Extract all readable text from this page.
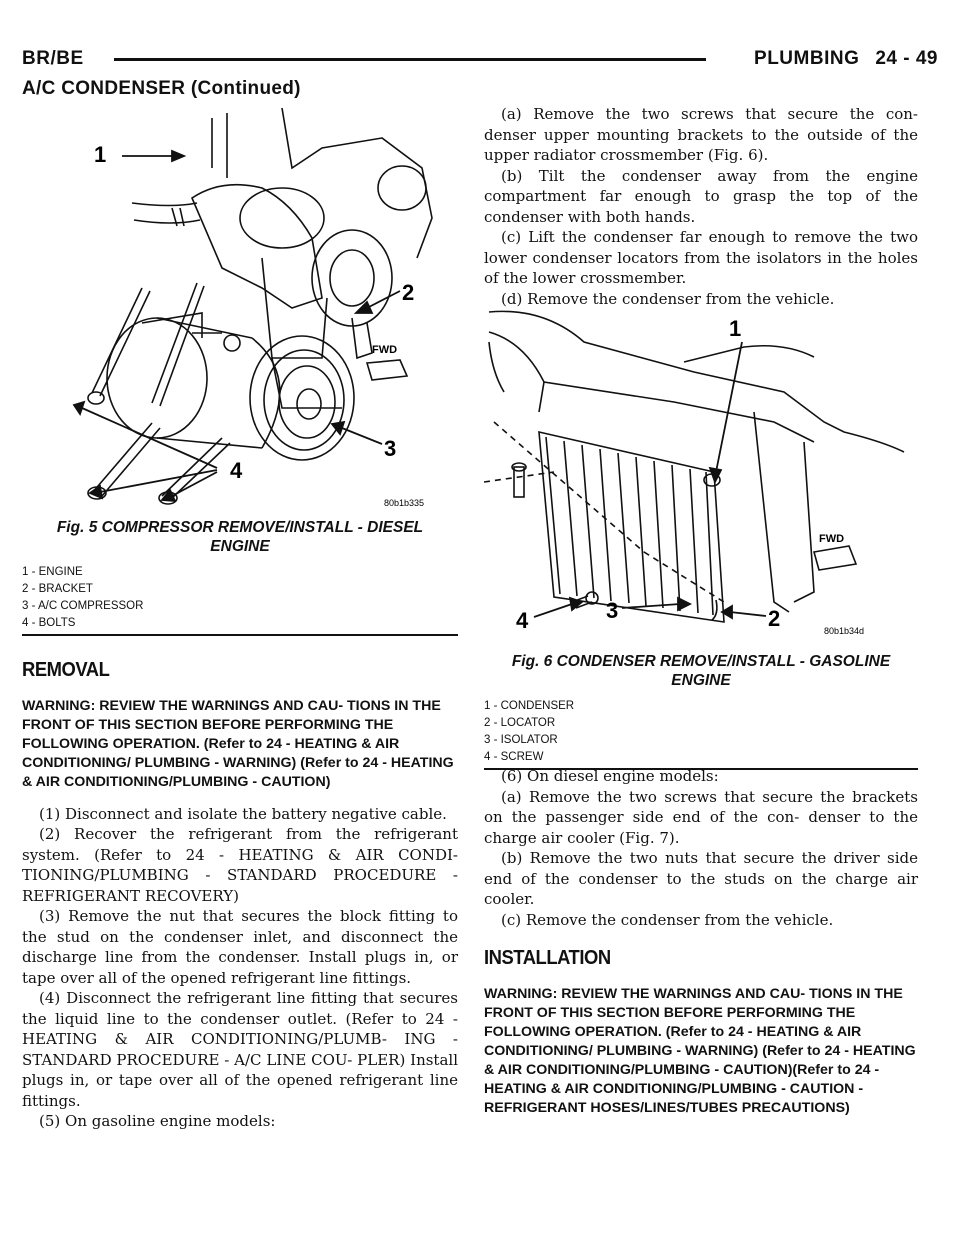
BR/BE	PLUMBING 24 - 49
A/C CONDENSER (Continued)
1
2
3
4
FWD
80b1b335
Fig. 5 COMPRESSOR REMOVE/INSTALL - DIESEL
ENGINE
1 - ENGINE
2 - BRACKET
3 - A/C COMPRESSOR
4 - BOLTS
REMOVAL

WARNING: REVIEW THE WARNINGS AND CAU- TIONS IN THE FRONT OF THIS SECTION BEFORE PERFORMING THE FOLLOWING OPERATION. (Refer to 24 - HEATING & AIR CONDITIONING/ PLUMBING - WARNING) (Refer to 24 - HEATING & AIR CONDITIONING/PLUMBING - CAUTION)

(1) Disconnect and isolate the battery negative cable.

(2) Recover the refrigerant from the refrigerant system. (Refer to 24 - HEATING & AIR CONDI- TIONING/PLUMBING - STANDARD PROCEDURE - REFRIGERANT RECOVERY)

(3) Remove the nut that secures the block fitting to the stud on the condenser inlet, and disconnect the discharge line from the condenser. Install plugs in, or tape over all of the opened refrigerant line fittings.

(4) Disconnect the refrigerant line fitting that secures the liquid line to the condenser outlet. (Refer to 24 - HEATING & AIR CONDITIONING/PLUMB- ING - STANDARD PROCEDURE - A/C LINE COU- PLER) Install plugs in, or tape over all of the opened refrigerant line fittings.

(5) On gasoline engine models:

(a) Remove the two screws that secure the con- denser upper mounting brackets to the outside of the upper radiator crossmember (Fig. 6).

(b) Tilt the condenser away from the engine compartment far enough to grasp the top of the condenser with both hands.

(c) Lift the condenser far enough to remove the two lower condenser locators from the isolators in the holes of the lower crossmember.

(d) Remove the condenser from the vehicle.

1
2
3
4
FWD
80b1b34d
Fig. 6 CONDENSER REMOVE/INSTALL - GASOLINE
ENGINE
1 - CONDENSER
2 - LOCATOR
3 - ISOLATOR
4 - SCREW

(6) On diesel engine models:

(a) Remove the two screws that secure the brackets on the passenger side end of the con- denser to the charge air cooler (Fig. 7).

(b) Remove the two nuts that secure the driver side end of the condenser to the studs on the charge air cooler.

(c) Remove the condenser from the vehicle.

INSTALLATION

WARNING: REVIEW THE WARNINGS AND CAU- TIONS IN THE FRONT OF THIS SECTION BEFORE PERFORMING THE FOLLOWING OPERATION. (Refer to 24 - HEATING & AIR CONDITIONING/ PLUMBING - WARNING) (Refer to 24 - HEATING & AIR CONDITIONING/PLUMBING - CAUTION)(Refer to 24 - HEATING & AIR CONDITIONING/PLUMBING - CAUTION - REFRIGERANT HOSES/LINES/TUBES PRECAUTIONS)
